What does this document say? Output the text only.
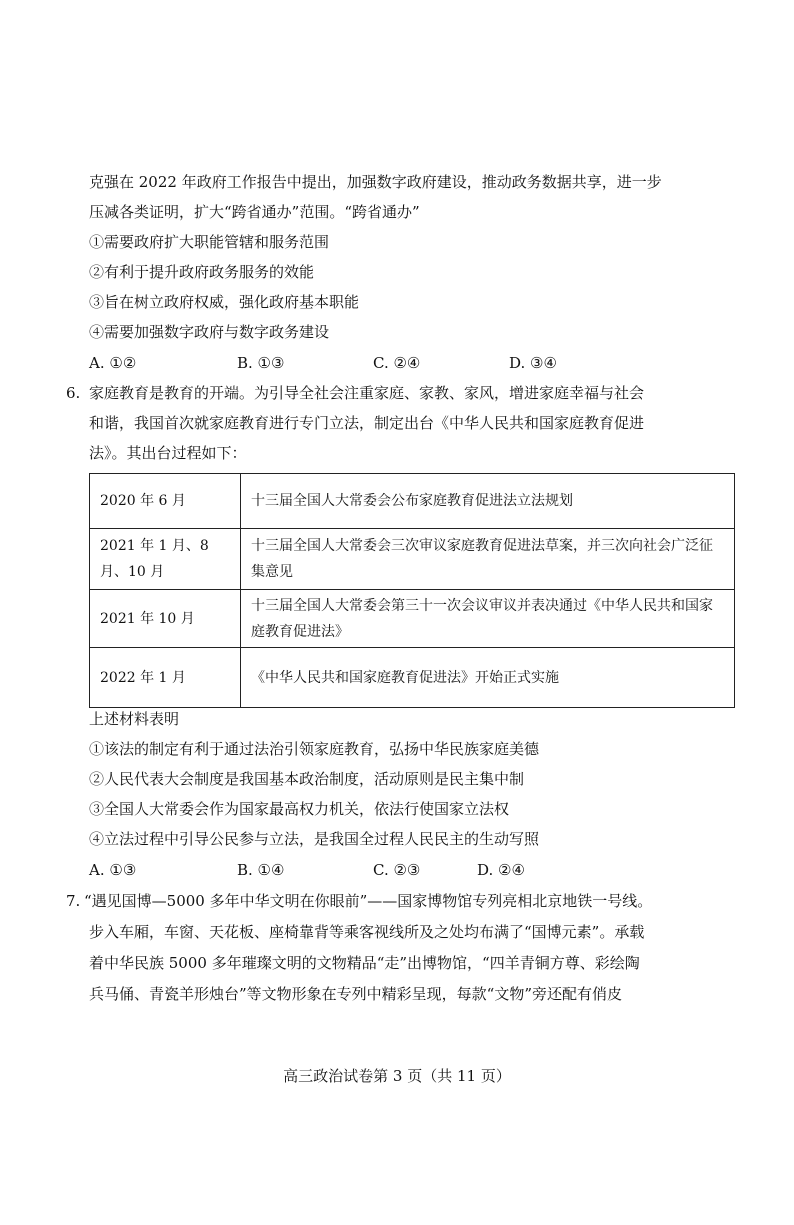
克强在 2022 年政府工作报告中提出，加强数字政府建设，推动政务数据共享，进一步
压减各类证明，扩大“跨省通办”范围。“跨省通办”
①需要政府扩大职能管辖和服务范围
②有利于提升政府政务服务的效能
③旨在树立政府权威，强化政府基本职能
④需要加强数字政府与数字政务建设
A. ①②	B. ①③	C. ②④	D. ③④
6. 家庭教育是教育的开端。为引导全社会注重家庭、家教、家风，增进家庭幸福与社会
和谐，我国首次就家庭教育进行专门立法，制定出台《中华人民共和国家庭教育促进
法》。其出台过程如下：
2020 年 6 月	十三届全国人大常委会公布家庭教育促进法立法规划
2021 年 1 月、8 月、10 月	十三届全国人大常委会三次审议家庭教育促进法草案，并三次向社会广泛征集意见
2021 年 10 月	十三届全国人大常委会第三十一次会议审议并表决通过《中华人民共和国家庭教育促进法》
2022 年 1 月	《中华人民共和国家庭教育促进法》开始正式实施
上述材料表明
①该法的制定有利于通过法治引领家庭教育，弘扬中华民族家庭美德
②人民代表大会制度是我国基本政治制度，活动原则是民主集中制
③全国人大常委会作为国家最高权力机关，依法行使国家立法权
④立法过程中引导公民参与立法，是我国全过程人民民主的生动写照
A. ①③	B. ①④	C. ②③	D. ②④
7. “遇见国博—5000 多年中华文明在你眼前”——国家博物馆专列亮相北京地铁一号线。
步入车厢，车窗、天花板、座椅靠背等乘客视线所及之处均布满了“国博元素”。承载
着中华民族 5000 多年璀璨文明的文物精品“走”出博物馆，“四羊青铜方尊、彩绘陶
兵马俑、青瓷羊形烛台”等文物形象在专列中精彩呈现，每款“文物”旁还配有俏皮
高三政治试卷第 3 页（共 11 页）
